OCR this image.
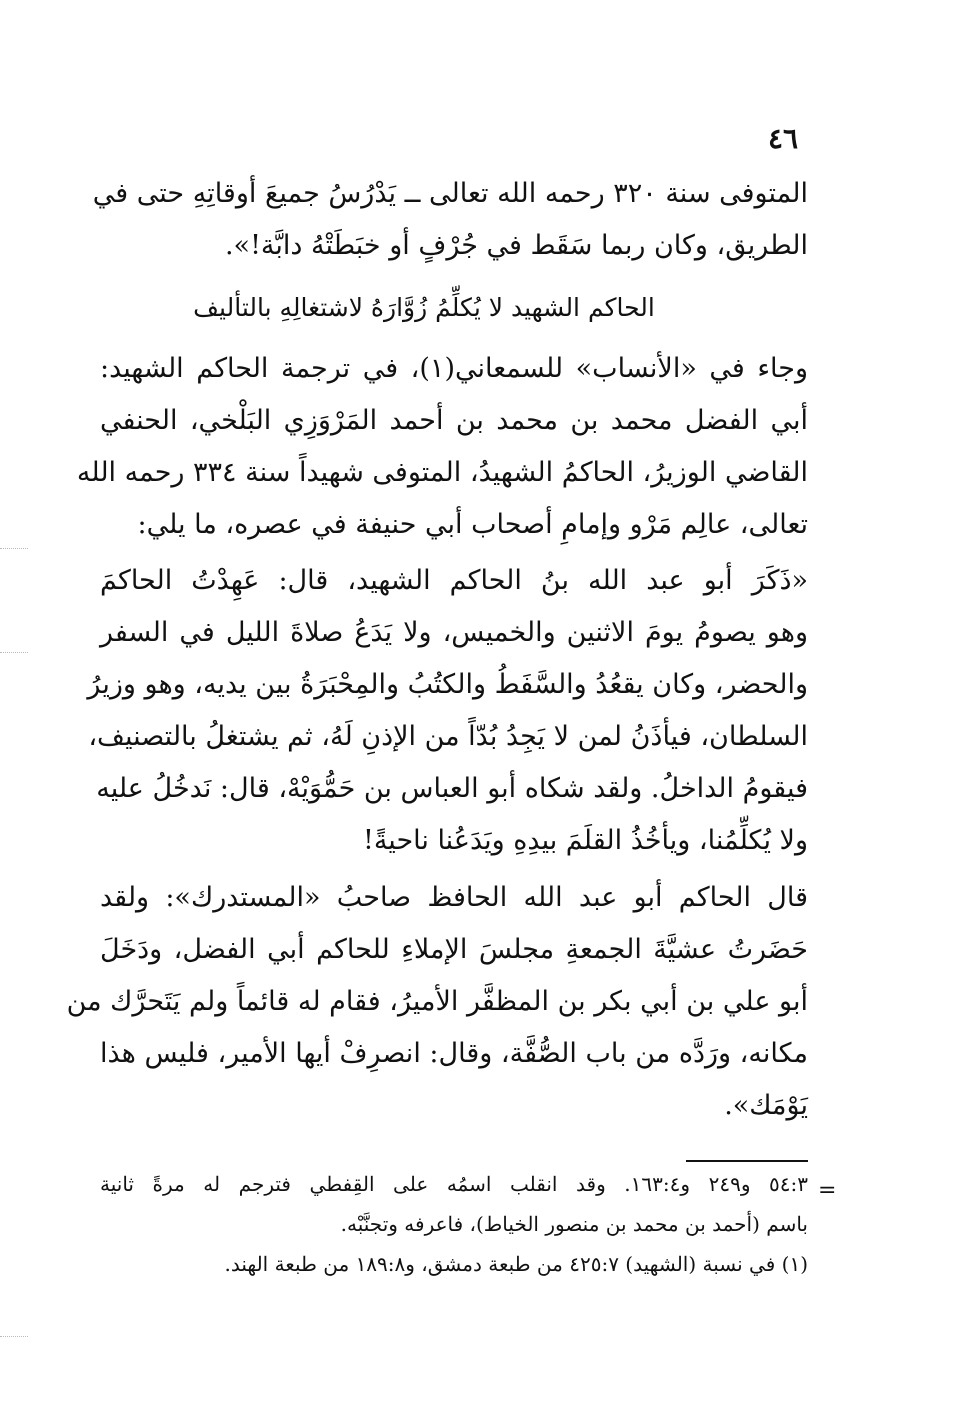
٤٦
المتوفى سنة ٣٢٠ رحمه الله تعالى ــ يَدْرُسُ جميعَ أوقاتِهِ حتى في
الطريق، وكان ربما سَقَط في جُرْفٍ أو خبَطَتْهُ دابَّة!».
الحاكم الشهيد لا يُكلِّمُ زُوَّارَهُ لاشتغالِهِ بالتأليف
وجاء في «الأنساب» للسمعاني(١)، في ترجمة الحاكم الشهيد:
أبي الفضل محمد بن محمد بن أحمد المَرْوَزِي البَلْخي، الحنفي
القاضي الوزيرُ، الحاكمُ الشهيدُ، المتوفى شهيداً سنة ٣٣٤ رحمه الله
تعالى، عالِم مَرْو وإمامِ أصحاب أبي حنيفة في عصره، ما يلي:
«ذَكَرَ أبو عبد الله بنُ الحاكم الشهيد، قال: عَهِدْتُ الحاكمَ
وهو يصومُ يومَ الاثنين والخميس، ولا يَدَعُ صلاةَ الليل في السفر
والحضر، وكان يقعُدُ والسَّفَطُ والكتُبُ والمِحْبَرَةُ بين يديه، وهو وزيرُ
السلطان، فيأذَنُ لمن لا يَجِدُ بُدّاً من الإذنِ لَهُ، ثم يشتغلُ بالتصنيف،
فيقومُ الداخلُ. ولقد شكاه أبو العباس بن حَمُّوَيْهْ، قال: نَدخُلُ عليه
ولا يُكلِّمُنا، ويأخُذُ القلَمَ بيدِهِ ويَدَعُنا ناحيةً!
قال الحاكم أبو عبد الله الحافظ صاحبُ «المستدرك»: ولقد
حَضَرتُ عشيَّةَ الجمعةِ مجلسَ الإملاءِ للحاكم أبي الفضل، ودَخَلَ
أبو علي بن أبي بكر بن المظفَّر الأميرُ، فقام له قائماً ولم يَتَحرَّك من
مكانه، ورَدَّه من باب الصُّفَّة، وقال: انصرِفْ أيها الأمير، فليس هذا
يَوْمَك».
=
٥٤:٣ و٢٤٩ و١٦٣:٤. وقد انقلب اسمُه على القِفطي فترجم له مرةً ثانية
باسم (أحمد بن محمد بن منصور الخياط)، فاعرفه وتجنَّبْه.
(١) في نسبة (الشهيد) ٤٢٥:٧ من طبعة دمشق، و١٨٩:٨ من طبعة الهند.
